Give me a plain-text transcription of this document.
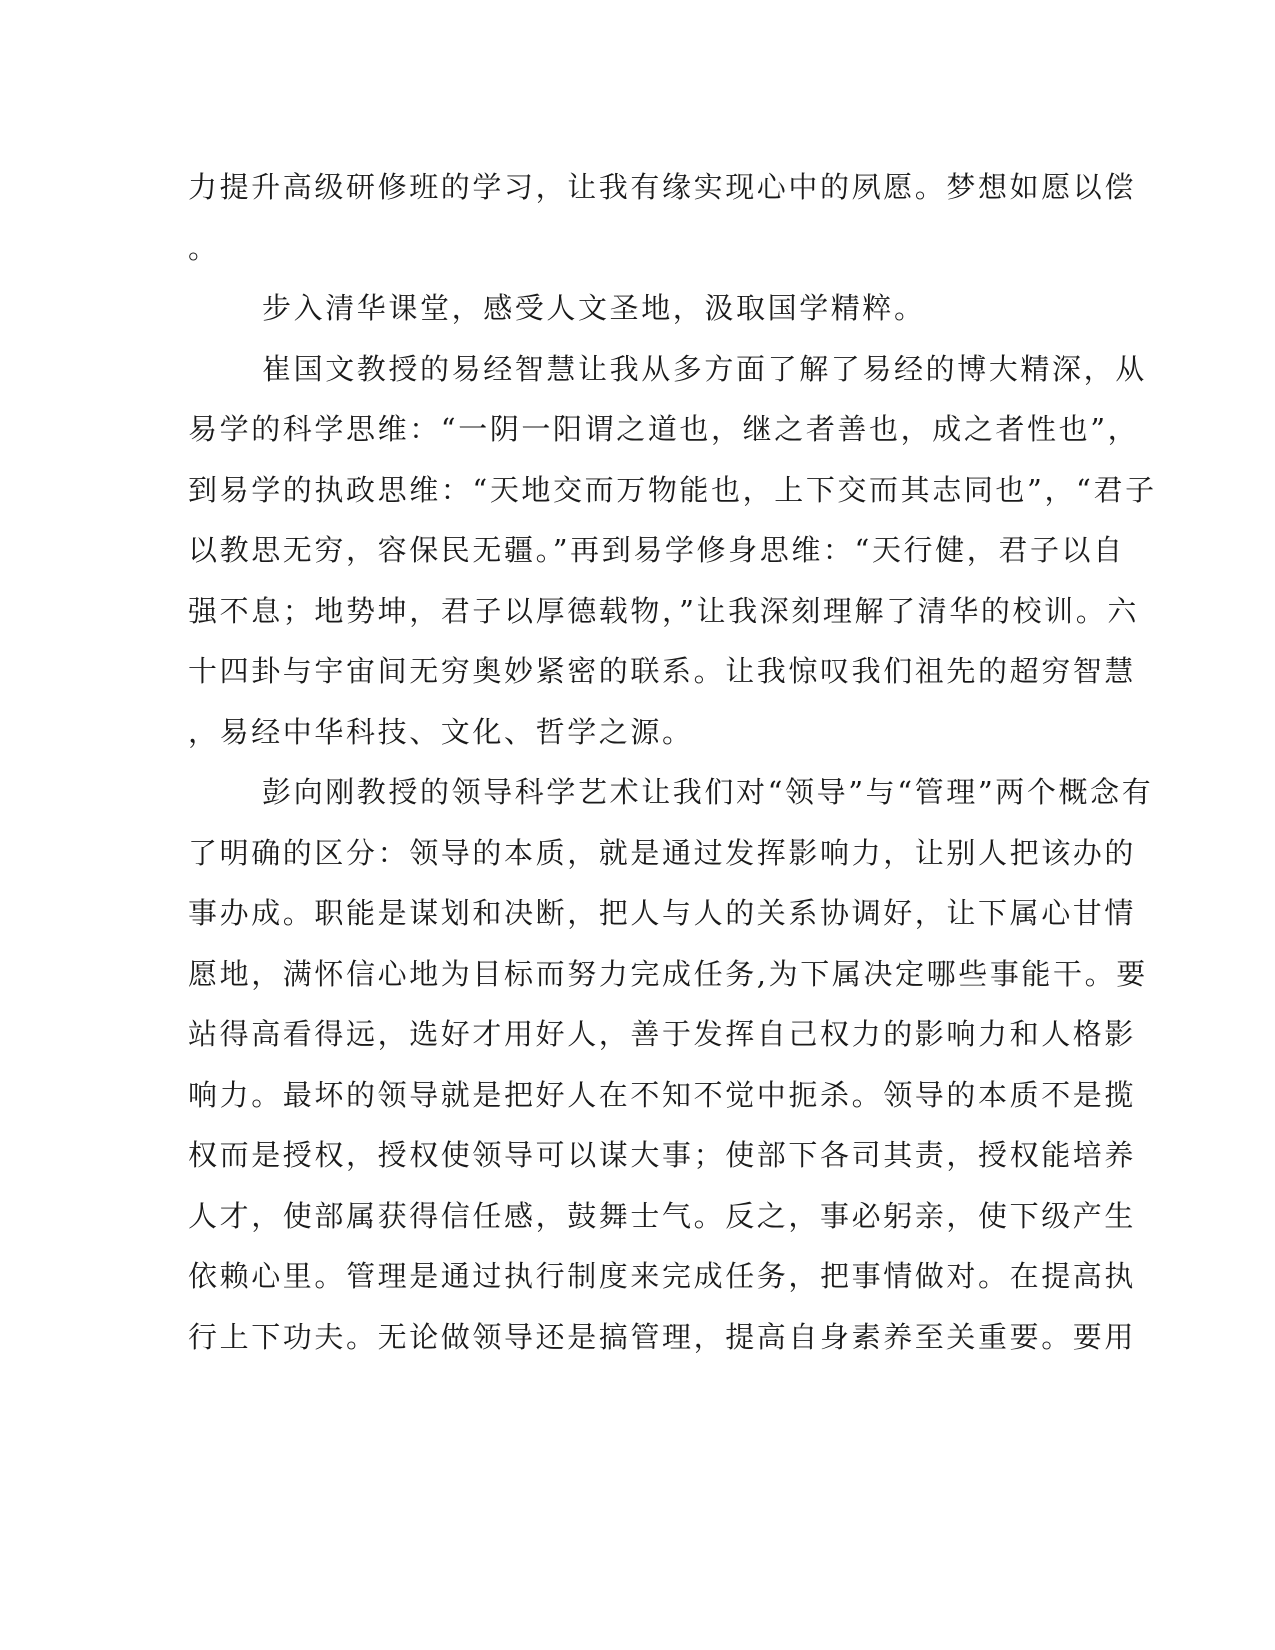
力提升高级研修班的学习，让我有缘实现心中的夙愿。梦想如愿以偿
。
步入清华课堂，感受人文圣地，汲取国学精粹。
崔国文教授的易经智慧让我从多方面了解了易经的博大精深，从
易学的科学思维：“一阴一阳谓之道也，继之者善也，成之者性也”，
到易学的执政思维：“天地交而万物能也，上下交而其志同也”，“君子
以教思无穷，容保民无疆。”再到易学修身思维：“天行健，君子以自
强不息；地势坤，君子以厚德载物，”让我深刻理解了清华的校训。六
十四卦与宇宙间无穷奥妙紧密的联系。让我惊叹我们祖先的超穷智慧
，易经中华科技、文化、哲学之源。
彭向刚教授的领导科学艺术让我们对“领导”与“管理”两个概念有
了明确的区分：领导的本质，就是通过发挥影响力，让别人把该办的
事办成。职能是谋划和决断，把人与人的关系协调好，让下属心甘情
愿地，满怀信心地为目标而努力完成任务,为下属决定哪些事能干。要
站得高看得远，选好才用好人，善于发挥自己权力的影响力和人格影
响力。最坏的领导就是把好人在不知不觉中扼杀。领导的本质不是揽
权而是授权，授权使领导可以谋大事；使部下各司其责，授权能培养
人才，使部属获得信任感，鼓舞士气。反之，事必躬亲，使下级产生
依赖心里。管理是通过执行制度来完成任务，把事情做对。在提高执
行上下功夫。无论做领导还是搞管理，提高自身素养至关重要。要用
